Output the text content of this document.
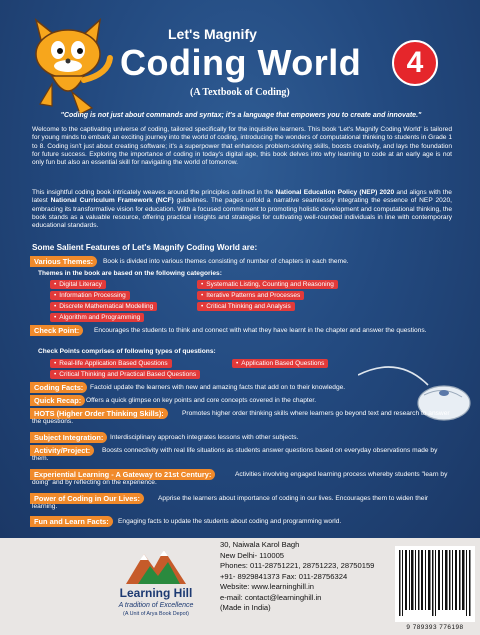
Let's Magnify
Coding World
(A Textbook of Coding)
4
"Coding is not just about commands and syntax; it's a language that empowers you to create and innovate."
Welcome to the captivating universe of coding, tailored specifically for the inquisitive learners. This book 'Let's Magnify Coding World' is tailored for young minds to embark an exciting journey into the world of coding, introducing the wonders of computational thinking to students in Grade 1 to 8. Coding isn't just about creating software; it's a superpower that enhances problem-solving skills, boosts creativity, and lays the foundation for future success. Exploring the importance of coding in today's digital age, this book delves into why learning to code at an early age is not only fun but also an essential skill for navigating the world of tomorrow.
This insightful coding book intricately weaves around the principles outlined in the National Education Policy (NEP) 2020 and aligns with the latest National Curriculum Framework (NCF) guidelines. The pages unfold a narrative seamlessly integrating the essence of NEP 2020, embracing its transformative vision for education. With a focused commitment to promoting holistic development and computational thinking, the book stands as a valuable resource, offering practical insights and strategies for cultivating well-rounded individuals in line with contemporary educational standards.
Some Salient Features of Let's Magnify Coding World are:
Various Themes:	Book is divided into various themes consisting of number of chapters in each theme.
Themes in the book are based on the following categories:
• Digital Literacy
• Information Processing
• Discrete Mathematical Modelling
• Algorithm and Programming
• Systematic Listing, Counting and Reasoning
• Iterative Patterns and Processes
• Critical Thinking and Analysis
Check Point:	Encourages the students to think and connect with what they have learnt in the chapter and answer the questions.
Check Points comprises of following types of questions:
• Real-life Application Based Questions
• Critical Thinking and Practical Based Questions
• Application Based Questions
Coding Facts:	Factoid update the learners with new and amazing facts that add on to their knowledge.
Quick Recap: Offers a quick glimpse on key points and core concepts covered in the chapter.
HOTS (Higher Order Thinking Skills):	Promotes higher order thinking skills where learners go beyond text and research to answer the questions.
Subject Integration: Interdisciplinary approach integrates lessons with other subjects.
Activity/Project:	Boosts connectivity with real life situations as students answer questions based on everyday observations made by them.
Experiential Learning - A Gateway to 21st Century:	Activities involving engaged learning process whereby students "learn by doing" and by reflecting on the experience.
Power of Coding in Our Lives:	Apprise the learners about importance of coding in our lives. Encourages them to widen their learning.
Fun and Learn Facts:	Engaging facts to update the students about coding and programming world.
Learning Hill
A tradition of Excellence
(A Unit of Arya Book Depot)
30, Naiwala Karol Bagh
New Delhi- 110005
Phones: 011-28751221, 28751223, 28750159
+91- 8929841373 Fax: 011-28756324
Website: www.learninghill.in
e-mail: contact@learninghill.in
(Made in India)
9 789393 776198
